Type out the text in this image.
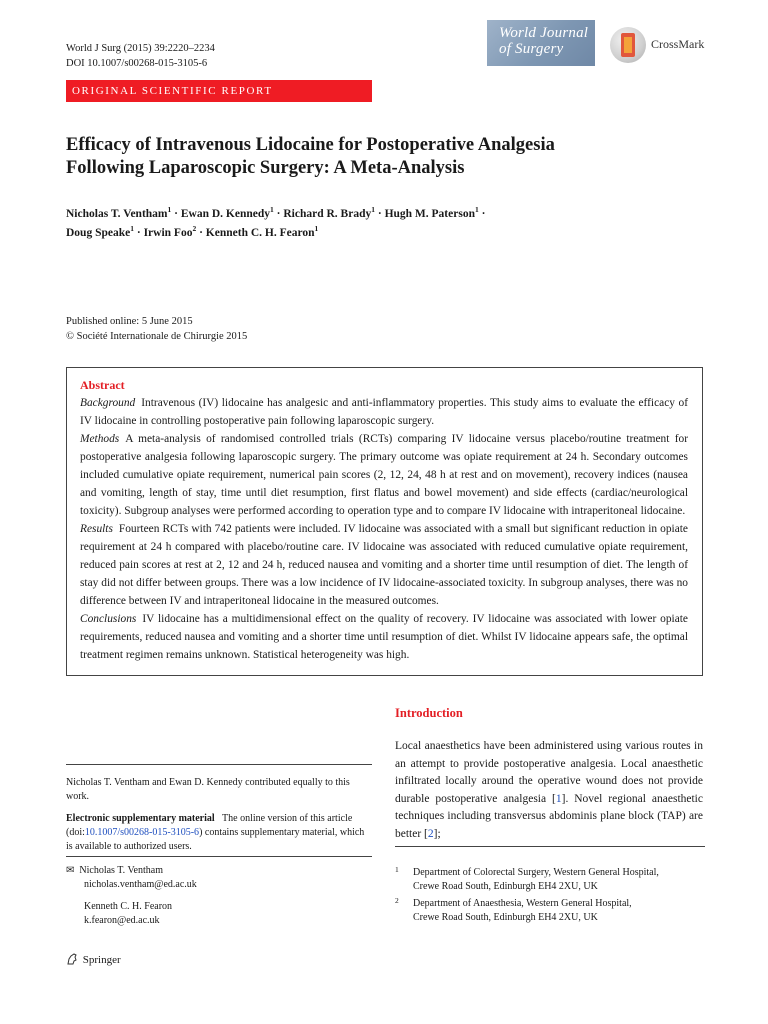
World J Surg (2015) 39:2220–2234
DOI 10.1007/s00268-015-3105-6
World Journal of Surgery	CrossMark
ORIGINAL SCIENTIFIC REPORT
Efficacy of Intravenous Lidocaine for Postoperative Analgesia
Following Laparoscopic Surgery: A Meta-Analysis
Nicholas T. Ventham$^1$ · Ewan D. Kennedy$^1$ · Richard R. Brady$^1$ · Hugh M. Paterson$^1$ ·
Doug Speake$^1$ · Irwin Foo$^2$ · Kenneth C. H. Fearon$^1$
Published online: 5 June 2015
© Société Internationale de Chirurgie 2015
Abstract

Background Intravenous (IV) lidocaine has analgesic and anti-inflammatory properties. This study aims to evaluate the efficacy of IV lidocaine in controlling postoperative pain following laparoscopic surgery.

Methods A meta-analysis of randomised controlled trials (RCTs) comparing IV lidocaine versus placebo/routine treatment for postoperative analgesia following laparoscopic surgery. The primary outcome was opiate requirement at 24 h. Secondary outcomes included cumulative opiate requirement, numerical pain scores (2, 12, 24, 48 h at rest and on movement), recovery indices (nausea and vomiting, length of stay, time until diet resumption, first flatus and bowel movement) and side effects (cardiac/neurological toxicity). Subgroup analyses were performed according to operation type and to compare IV lidocaine with intraperitoneal lidocaine.

Results Fourteen RCTs with 742 patients were included. IV lidocaine was associated with a small but significant reduction in opiate requirement at 24 h compared with placebo/routine care. IV lidocaine was associated with reduced cumulative opiate requirement, reduced pain scores at rest at 2, 12 and 24 h, reduced nausea and vomiting and a shorter time until resumption of diet. The length of stay did not differ between groups. There was a low incidence of IV lidocaine-associated toxicity. In subgroup analyses, there was no difference between IV and intraperitoneal lidocaine in the measured outcomes.

Conclusions IV lidocaine has a multidimensional effect on the quality of recovery. IV lidocaine was associated with lower opiate requirements, reduced nausea and vomiting and a shorter time until resumption of diet. Whilst IV lidocaine appears safe, the optimal treatment regimen remains unknown. Statistical heterogeneity was high.

Introduction
Local anaesthetics have been administered using various routes in an attempt to provide postoperative analgesia. Local anaesthetic infiltrated locally around the operative wound does not provide durable postoperative analgesia [1]. Novel regional anaesthetic techniques including transversus abdominis plane block (TAP) are better [2];
Nicholas T. Ventham and Ewan D. Kennedy contributed equally to this work.
Electronic supplementary material The online version of this article (doi:10.1007/s00268-015-3105-6) contains supplementary material, which is available to authorized users.
✉ Nicholas T. Ventham
nicholas.ventham@ed.ac.uk
Kenneth C. H. Fearon
k.fearon@ed.ac.uk
1 Department of Colorectal Surgery, Western General Hospital,
Crewe Road South, Edinburgh EH4 2XU, UK
2 Department of Anaesthesia, Western General Hospital,
Crewe Road South, Edinburgh EH4 2XU, UK
Springer
